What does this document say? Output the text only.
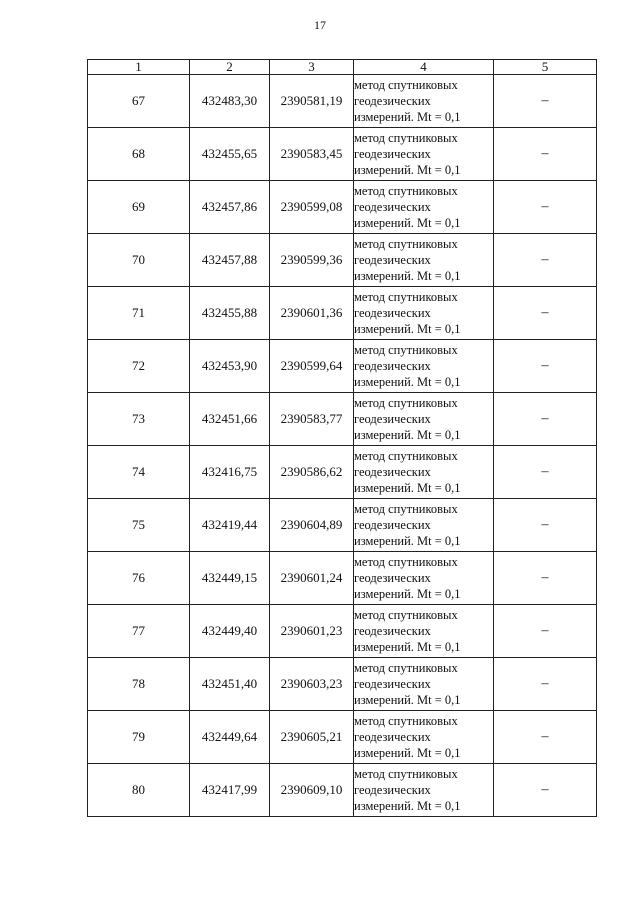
17
1	2	3	4	5
67	432483,30	2390581,19	метод спутниковых
геодезических
измерений. Mt = 0,1	–
68	432455,65	2390583,45	метод спутниковых
геодезических
измерений. Mt = 0,1	–
69	432457,86	2390599,08	метод спутниковых
геодезических
измерений. Mt = 0,1	–
70	432457,88	2390599,36	метод спутниковых
геодезических
измерений. Mt = 0,1	–
71	432455,88	2390601,36	метод спутниковых
геодезических
измерений. Mt = 0,1	–
72	432453,90	2390599,64	метод спутниковых
геодезических
измерений. Mt = 0,1	–
73	432451,66	2390583,77	метод спутниковых
геодезических
измерений. Mt = 0,1	–
74	432416,75	2390586,62	метод спутниковых
геодезических
измерений. Mt = 0,1	–
75	432419,44	2390604,89	метод спутниковых
геодезических
измерений. Mt = 0,1	–
76	432449,15	2390601,24	метод спутниковых
геодезических
измерений. Mt = 0,1	–
77	432449,40	2390601,23	метод спутниковых
геодезических
измерений. Mt = 0,1	–
78	432451,40	2390603,23	метод спутниковых
геодезических
измерений. Mt = 0,1	–
79	432449,64	2390605,21	метод спутниковых
геодезических
измерений. Mt = 0,1	–
80	432417,99	2390609,10	метод спутниковых
геодезических
измерений. Mt = 0,1	–
